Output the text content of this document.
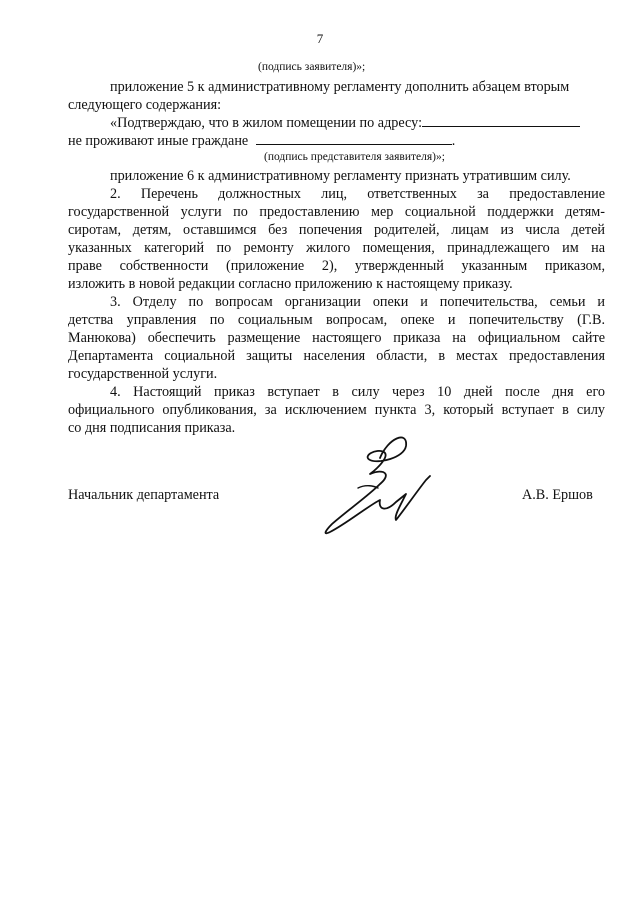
7
(подпись заявителя)»;
приложение 5 к административному регламенту дополнить абзацем вторым
следующего содержания:
«Подтверждаю, что в жилом помещении по адресу:
не проживают иные граждане	.
(подпись представителя заявителя)»;
приложение 6 к административному регламенту признать утратившим силу.
2. Перечень должностных лиц, ответственных за предоставление
государственной услуги по предоставлению мер социальной поддержки детям-
сиротам, детям, оставшимся без попечения родителей, лицам из числа детей
указанных категорий по ремонту жилого помещения, принадлежащего им на
праве собственности (приложение 2), утвержденный указанным приказом,
изложить в новой редакции согласно приложению к настоящему приказу.
3. Отделу по вопросам организации опеки и попечительства, семьи и
детства управления по социальным вопросам, опеке и попечительству (Г.В.
Манюкова) обеспечить размещение настоящего приказа на официальном сайте
Департамента социальной защиты населения области, в местах предоставления
государственной услуги.
4. Настоящий приказ вступает в силу через 10 дней после дня его
официального опубликования, за исключением пункта 3, который вступает в силу
со дня подписания приказа.
Начальник департамента	А.В. Ершов
